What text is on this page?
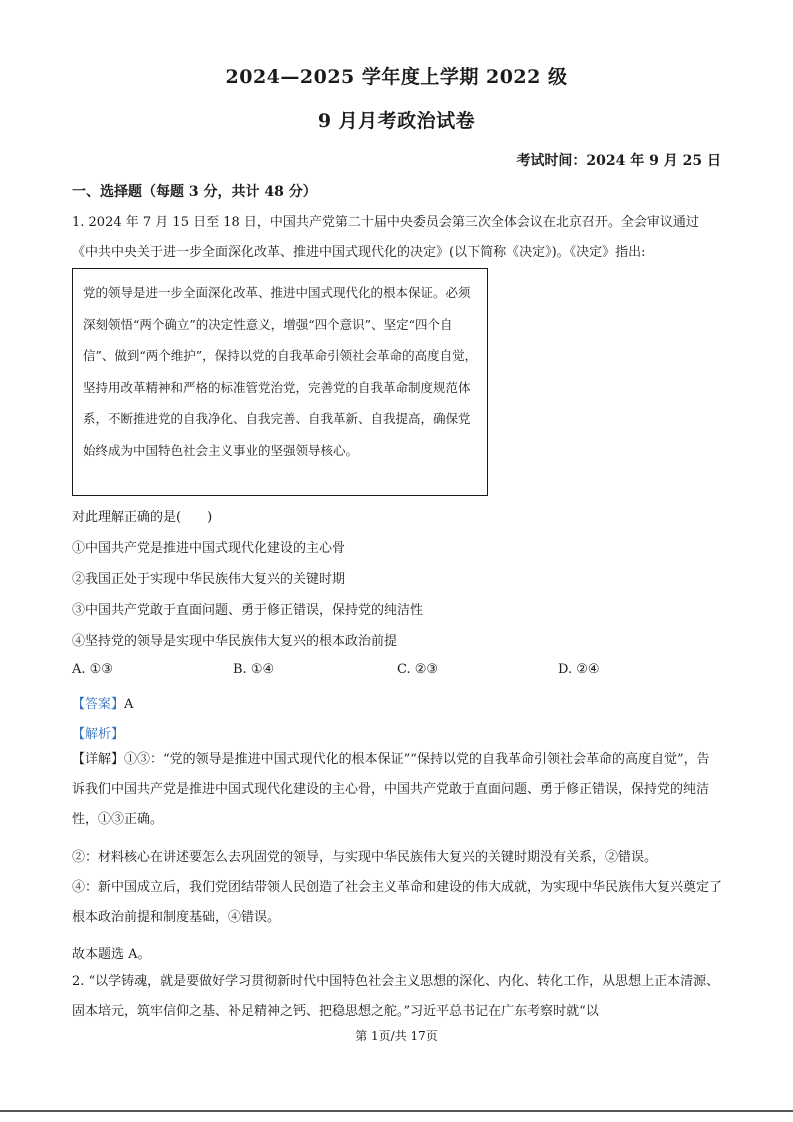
2024—2025 学年度上学期 2022 级
9 月月考政治试卷
考试时间：2024 年 9 月 25 日
一、选择题（每题 3 分，共计 48 分）
1. 2024 年 7 月 15 日至 18 日，中国共产党第二十届中央委员会第三次全体会议在北京召开。全会审议通过《中共中央关于进一步全面深化改革、推进中国式现代化的决定》(以下简称《决定》)。《决定》指出:
党的领导是进一步全面深化改革、推进中国式现代化的根本保证。必须深刻领悟“两个确立”的决定性意义，增强“四个意识”、坚定“四个自信”、做到“两个维护”，保持以党的自我革命引领社会革命的高度自觉，坚持用改革精神和严格的标准管党治党，完善党的自我革命制度规范体系，不断推进党的自我净化、自我完善、自我革新、自我提高，确保党始终成为中国特色社会主义事业的坚强领导核心。
对此理解正确的是(　　)
①中国共产党是推进中国式现代化建设的主心骨
②我国正处于实现中华民族伟大复兴的关键时期
③中国共产党敢于直面问题、勇于修正错误，保持党的纯洁性
④坚持党的领导是实现中华民族伟大复兴的根本政治前提
A. ①③	B. ①④	C. ②③	D. ②④
【答案】A
【解析】
【详解】①③：“党的领导是推进中国式现代化的根本保证”“保持以党的自我革命引领社会革命的高度自觉”，告诉我们中国共产党是推进中国式现代化建设的主心骨，中国共产党敢于直面问题、勇于修正错误，保持党的纯洁性，①③正确。
②：材料核心在讲述要怎么去巩固党的领导，与实现中华民族伟大复兴的关键时期没有关系，②错误。
④：新中国成立后，我们党团结带领人民创造了社会主义革命和建设的伟大成就，为实现中华民族伟大复兴奠定了根本政治前提和制度基础，④错误。
故本题选 A。
2. “以学铸魂，就是要做好学习贯彻新时代中国特色社会主义思想的深化、内化、转化工作，从思想上正本清源、固本培元，筑牢信仰之基、补足精神之钙、把稳思想之舵。”习近平总书记在广东考察时就“以
第 1页/共 17页
